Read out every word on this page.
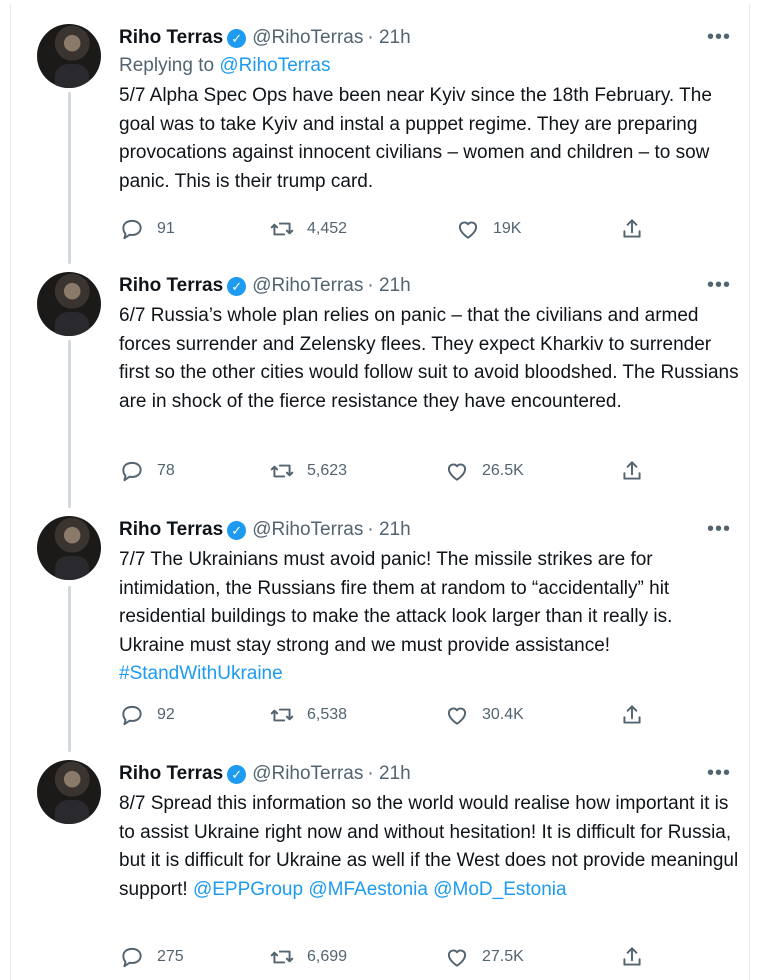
Riho Terras ✓ @RihoTerras · 21h	•••
Replying to @RihoTerras
5/7 Alpha Spec Ops have been near Kyiv since the 18th February. The goal was to take Kyiv and instal a puppet regime. They are preparing provocations against innocent civilians – women and children – to sow panic. This is their trump card.
91	4,452	19K
Riho Terras ✓ @RihoTerras · 21h	•••
6/7 Russia’s whole plan relies on panic – that the civilians and armed forces surrender and Zelensky flees. They expect Kharkiv to surrender first so the other cities would follow suit to avoid bloodshed. The Russians are in shock of the fierce resistance they have encountered.
78	5,623	26.5K
Riho Terras ✓ @RihoTerras · 21h	•••
7/7 The Ukrainians must avoid panic! The missile strikes are for intimidation, the Russians fire them at random to “accidentally” hit residential buildings to make the attack look larger than it really is. Ukraine must stay strong and we must provide assistance! #StandWithUkraine
92	6,538	30.4K
Riho Terras ✓ @RihoTerras · 21h	•••
8/7 Spread this information so the world would realise how important it is to assist Ukraine right now and without hesitation! It is difficult for Russia, but it is difficult for Ukraine as well if the West does not provide meaningul support! @EPPGroup @MFAestonia @MoD_Estonia
275	6,699	27.5K
